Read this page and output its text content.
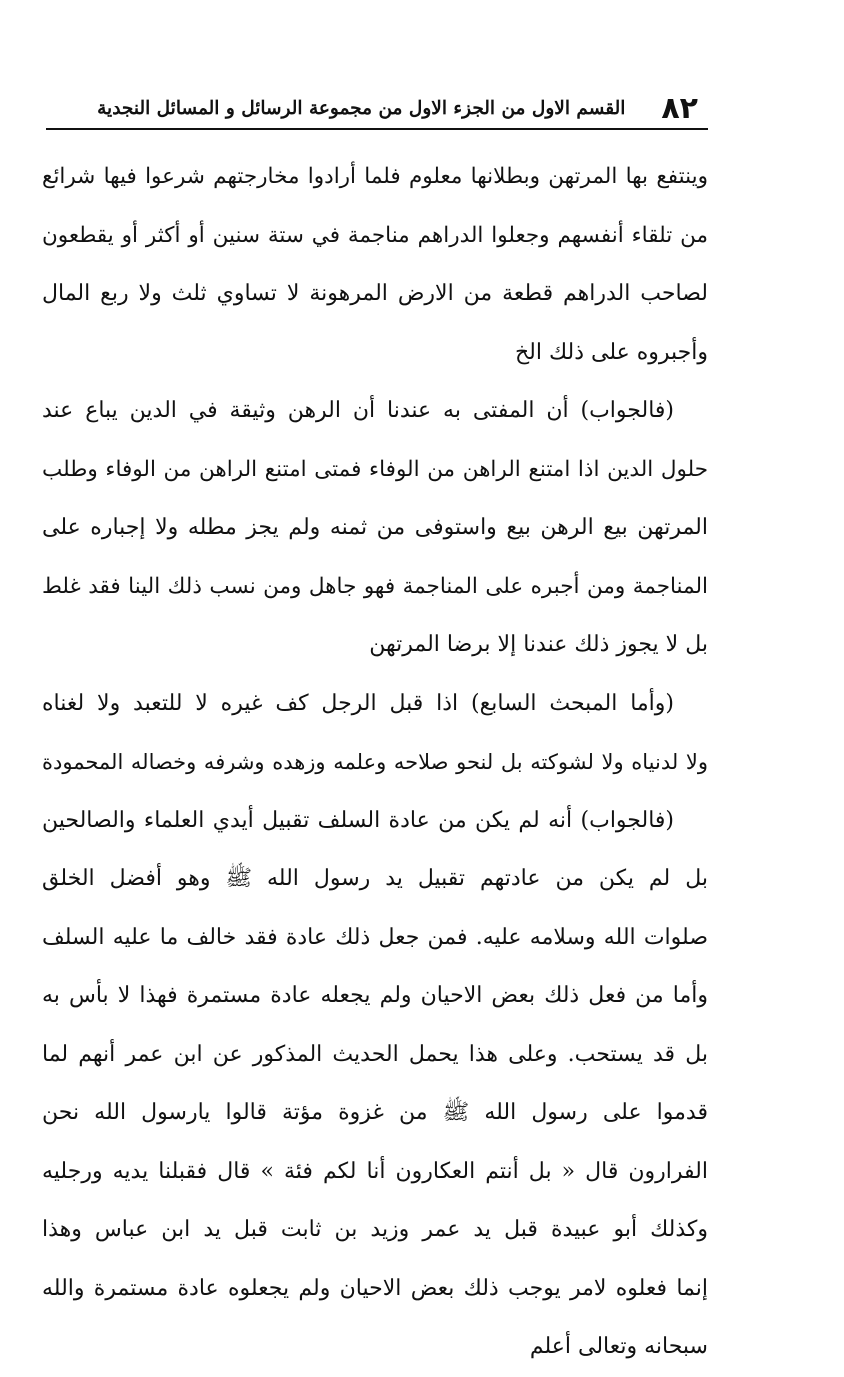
٨٢
القسم الاول من الجزء الاول من مجموعة الرسائل و المسائل النجدية
وينتفع بها المرتهن وبطلانها معلوم فلما أرادوا مخارجتهم شرعوا فيها شرائع
من تلقاء أنفسهم وجعلوا الدراهم مناجمة في ستة سنين أو أكثر أو يقطعون
لصاحب الدراهم قطعة من الارض المرهونة لا تساوي ثلث ولا ربع المال
وأجبروه على ذلك الخ
(فالجواب) أن المفتى به عندنا أن الرهن وثيقة في الدين يباع عند
حلول الدين اذا امتنع الراهن من الوفاء فمتى امتنع الراهن من الوفاء وطلب
المرتهن بيع الرهن بيع واستوفى من ثمنه ولم يجز مطله ولا إجباره على
المناجمة ومن أجبره على المناجمة فهو جاهل ومن نسب ذلك الينا فقد غلط
بل لا يجوز ذلك عندنا إلا برضا المرتهن
(وأما المبحث السابع) اذا قبل الرجل كف غيره لا للتعبد ولا لغناه
ولا لدنياه ولا لشوكته بل لنحو صلاحه وعلمه وزهده وشرفه وخصاله المحمودة
(فالجواب) أنه لم يكن من عادة السلف تقبيل أيدي العلماء والصالحين
بل لم يكن من عادتهم تقبيل يد رسول الله ﷺ وهو أفضل الخلق
صلوات الله وسلامه عليه. فمن جعل ذلك عادة فقد خالف ما عليه السلف
وأما من فعل ذلك بعض الاحيان ولم يجعله عادة مستمرة فهذا لا بأس به
بل قد يستحب. وعلى هذا يحمل الحديث المذكور عن ابن عمر أنهم لما
قدموا على رسول الله ﷺ من غزوة مؤتة قالوا يارسول الله نحن
الفرارون قال « بل أنتم العكارون أنا لكم فئة » قال فقبلنا يديه ورجليه
وكذلك أبو عبيدة قبل يد عمر وزيد بن ثابت قبل يد ابن عباس وهذا
إنما فعلوه لامر يوجب ذلك بعض الاحيان ولم يجعلوه عادة مستمرة والله
سبحانه وتعالى أعلم
